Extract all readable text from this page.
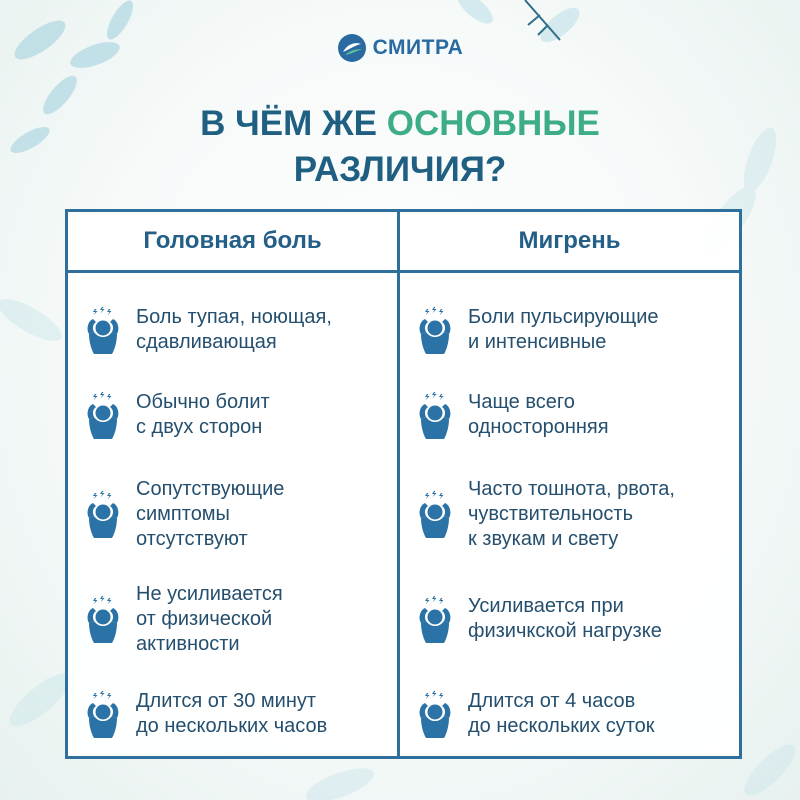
СМИТРА
В ЧЁМ ЖЕ ОСНОВНЫЕ
РАЗЛИЧИЯ?
Головная боль	Мигрень
Боль тупая, ноющая,
сдавливающая
Обычно болит
с двух сторон
Сопутствующие
симптомы
отсутствуют
Не усиливается
от физической
активности
Длится от 30 минут
до нескольких часов
Боли пульсирующие
и интенсивные
Чаще всего
односторонняя
Часто тошнота, рвота,
чувствительность
к звукам и свету
Усиливается при
физичкской нагрузке
Длится от 4 часов
до нескольких суток
